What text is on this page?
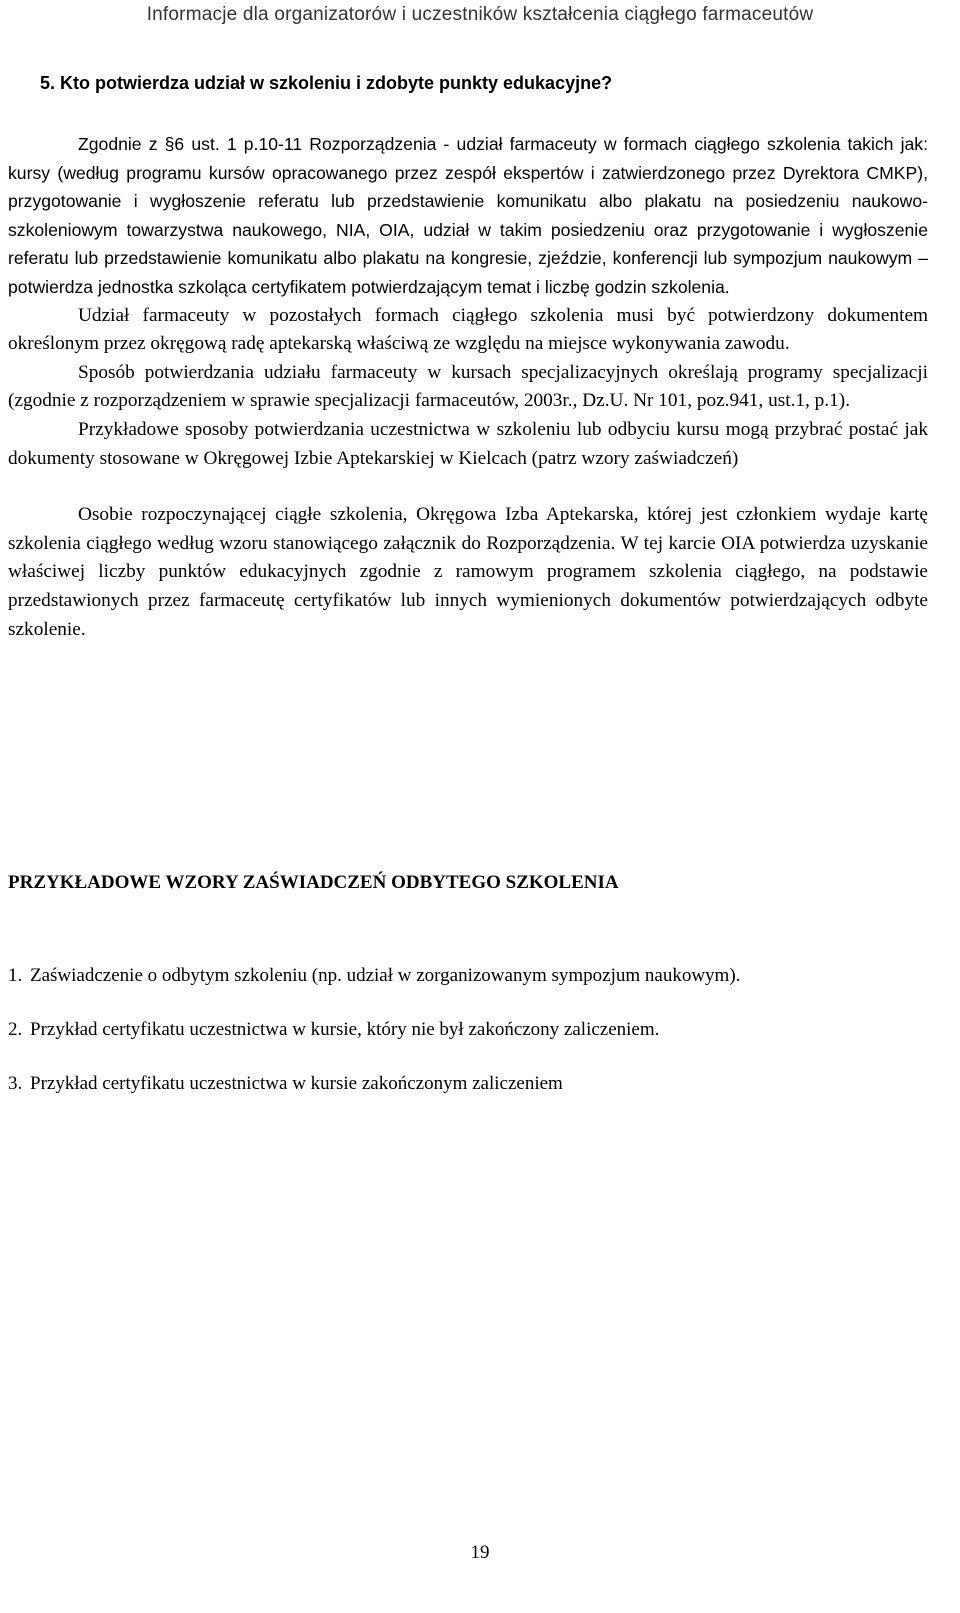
Informacje dla organizatorów i uczestników kształcenia ciągłego farmaceutów
5. Kto potwierdza udział w szkoleniu i zdobyte punkty edukacyjne?

Zgodnie z §6 ust. 1 p.10-11 Rozporządzenia - udział farmaceuty w formach ciągłego szkolenia takich jak: kursy (według programu kursów opracowanego przez zespół ekspertów i zatwierdzonego przez Dyrektora CMKP), przygotowanie i wygłoszenie referatu lub przedstawienie komunikatu albo plakatu na posiedzeniu naukowo-szkoleniowym towarzystwa naukowego, NIA, OIA, udział w takim posiedzeniu oraz przygotowanie i wygłoszenie referatu lub przedstawienie komunikatu albo plakatu na kongresie, zjeździe, konferencji lub sympozjum naukowym – potwierdza jednostka szkoląca certyfikatem potwierdzającym temat i liczbę godzin szkolenia.

Udział farmaceuty w pozostałych formach ciągłego szkolenia musi być potwierdzony dokumentem określonym przez okręgową radę aptekarską właściwą ze względu na miejsce wykonywania zawodu.

Sposób potwierdzania udziału farmaceuty w kursach specjalizacyjnych określają programy specjalizacji (zgodnie z rozporządzeniem w sprawie specjalizacji farmaceutów, 2003r., Dz.U. Nr 101, poz.941, ust.1, p.1).

Przykładowe sposoby potwierdzania uczestnictwa w szkoleniu lub odbyciu kursu mogą przybrać postać jak dokumenty stosowane w Okręgowej Izbie Aptekarskiej w Kielcach (patrz wzory zaświadczeń)

Osobie rozpoczynającej ciągłe szkolenia, Okręgowa Izba Aptekarska, której jest członkiem wydaje kartę szkolenia ciągłego według wzoru stanowiącego załącznik do Rozporządzenia. W tej karcie OIA potwierdza uzyskanie właściwej liczby punktów edukacyjnych zgodnie z ramowym programem szkolenia ciągłego, na podstawie przedstawionych przez farmaceutę certyfikatów lub innych wymienionych dokumentów potwierdzających odbyte szkolenie.

PRZYKŁADOWE WZORY ZAŚWIADCZEŃ ODBYTEGO SZKOLENIA
1. Zaświadczenie o odbytym szkoleniu (np. udział w zorganizowanym sympozjum naukowym).
2. Przykład certyfikatu uczestnictwa w kursie, który nie był zakończony zaliczeniem.
3. Przykład certyfikatu uczestnictwa w kursie zakończonym zaliczeniem
19
